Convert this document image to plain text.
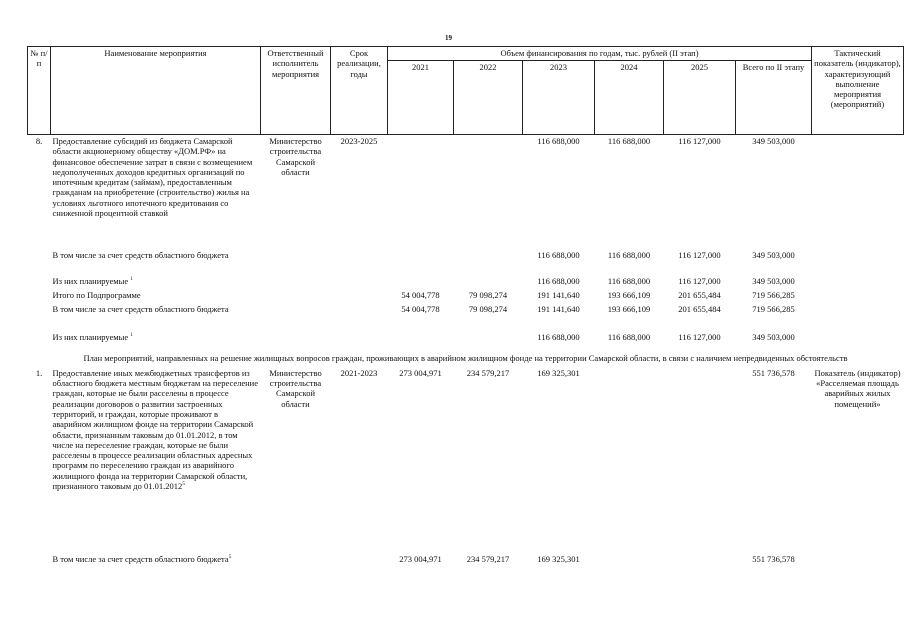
19
№ п/п	Наименование мероприятия	Ответственный исполнитель мероприятия	Срок реализации, годы	Объем финансирования по годам, тыс. рублей (II этап)						Тактический показатель (индикатор), характеризующий выполнение мероприятия (мероприятий)
				2021	2022	2023	2024	2025	Всего по II этапу	
8.	Предоставление субсидий из бюджета Самарской области акционерному обществу «ДОМ.РФ» на финансовое обеспечение затрат в связи с возмещением недополученных доходов кредитных организаций по ипотечным кредитам (займам), предоставленным гражданам на приобретение (строительство) жилья на условиях льготного ипотечного кредитования со сниженной процентной ставкой	Министерство строительства Самарской области	2023-2025			116 688,000	116 688,000	116 127,000	349 503,000	
	В том числе за счет средств областного бюджета					116 688,000	116 688,000	116 127,000	349 503,000	
	Из них планируемые $^1$					116 688,000	116 688,000	116 127,000	349 503,000	
	Итого по Подпрограмме			54 004,778	79 098,274	191 141,640	193 666,109	201 655,484	719 566,285	
	В том числе за счет средств областного бюджета			54 004,778	79 098,274	191 141,640	193 666,109	201 655,484	719 566,285	
	Из них планируемые $^1$					116 688,000	116 688,000	116 127,000	349 503,000	
План мероприятий, направленных на решение жилищных вопросов граждан, проживающих в аварийном жилищном фонде на территории Самарской области, в связи с наличием непредвиденных обстоятельств										
1.	Предоставление иных межбюджетных трансфертов из областного бюджета местным бюджетам на переселение граждан, которые не были расселены в процессе реализации договоров о развитии застроенных территорий, и граждан, которые проживают в аварийном жилищном фонде на территории Самарской области, признанным таковым до 01.01.2012, в том числе на переселение граждан, которые не были расселены в процессе реализации областных адресных программ по переселению граждан из аварийного жилищного фонда на территории Самарской области, признанного таковым до 01.01.2012$^5$	Министерство строительства Самарской области	2021-2023	273 004,971	234 579,217	169 325,301			551 736,578	Показатель (индикатор) «Расселяемая площадь аварийных жилых помещений»
	В том числе за счет средств областного бюджета$^5$			273 004,971	234 579,217	169 325,301			551 736,578	
